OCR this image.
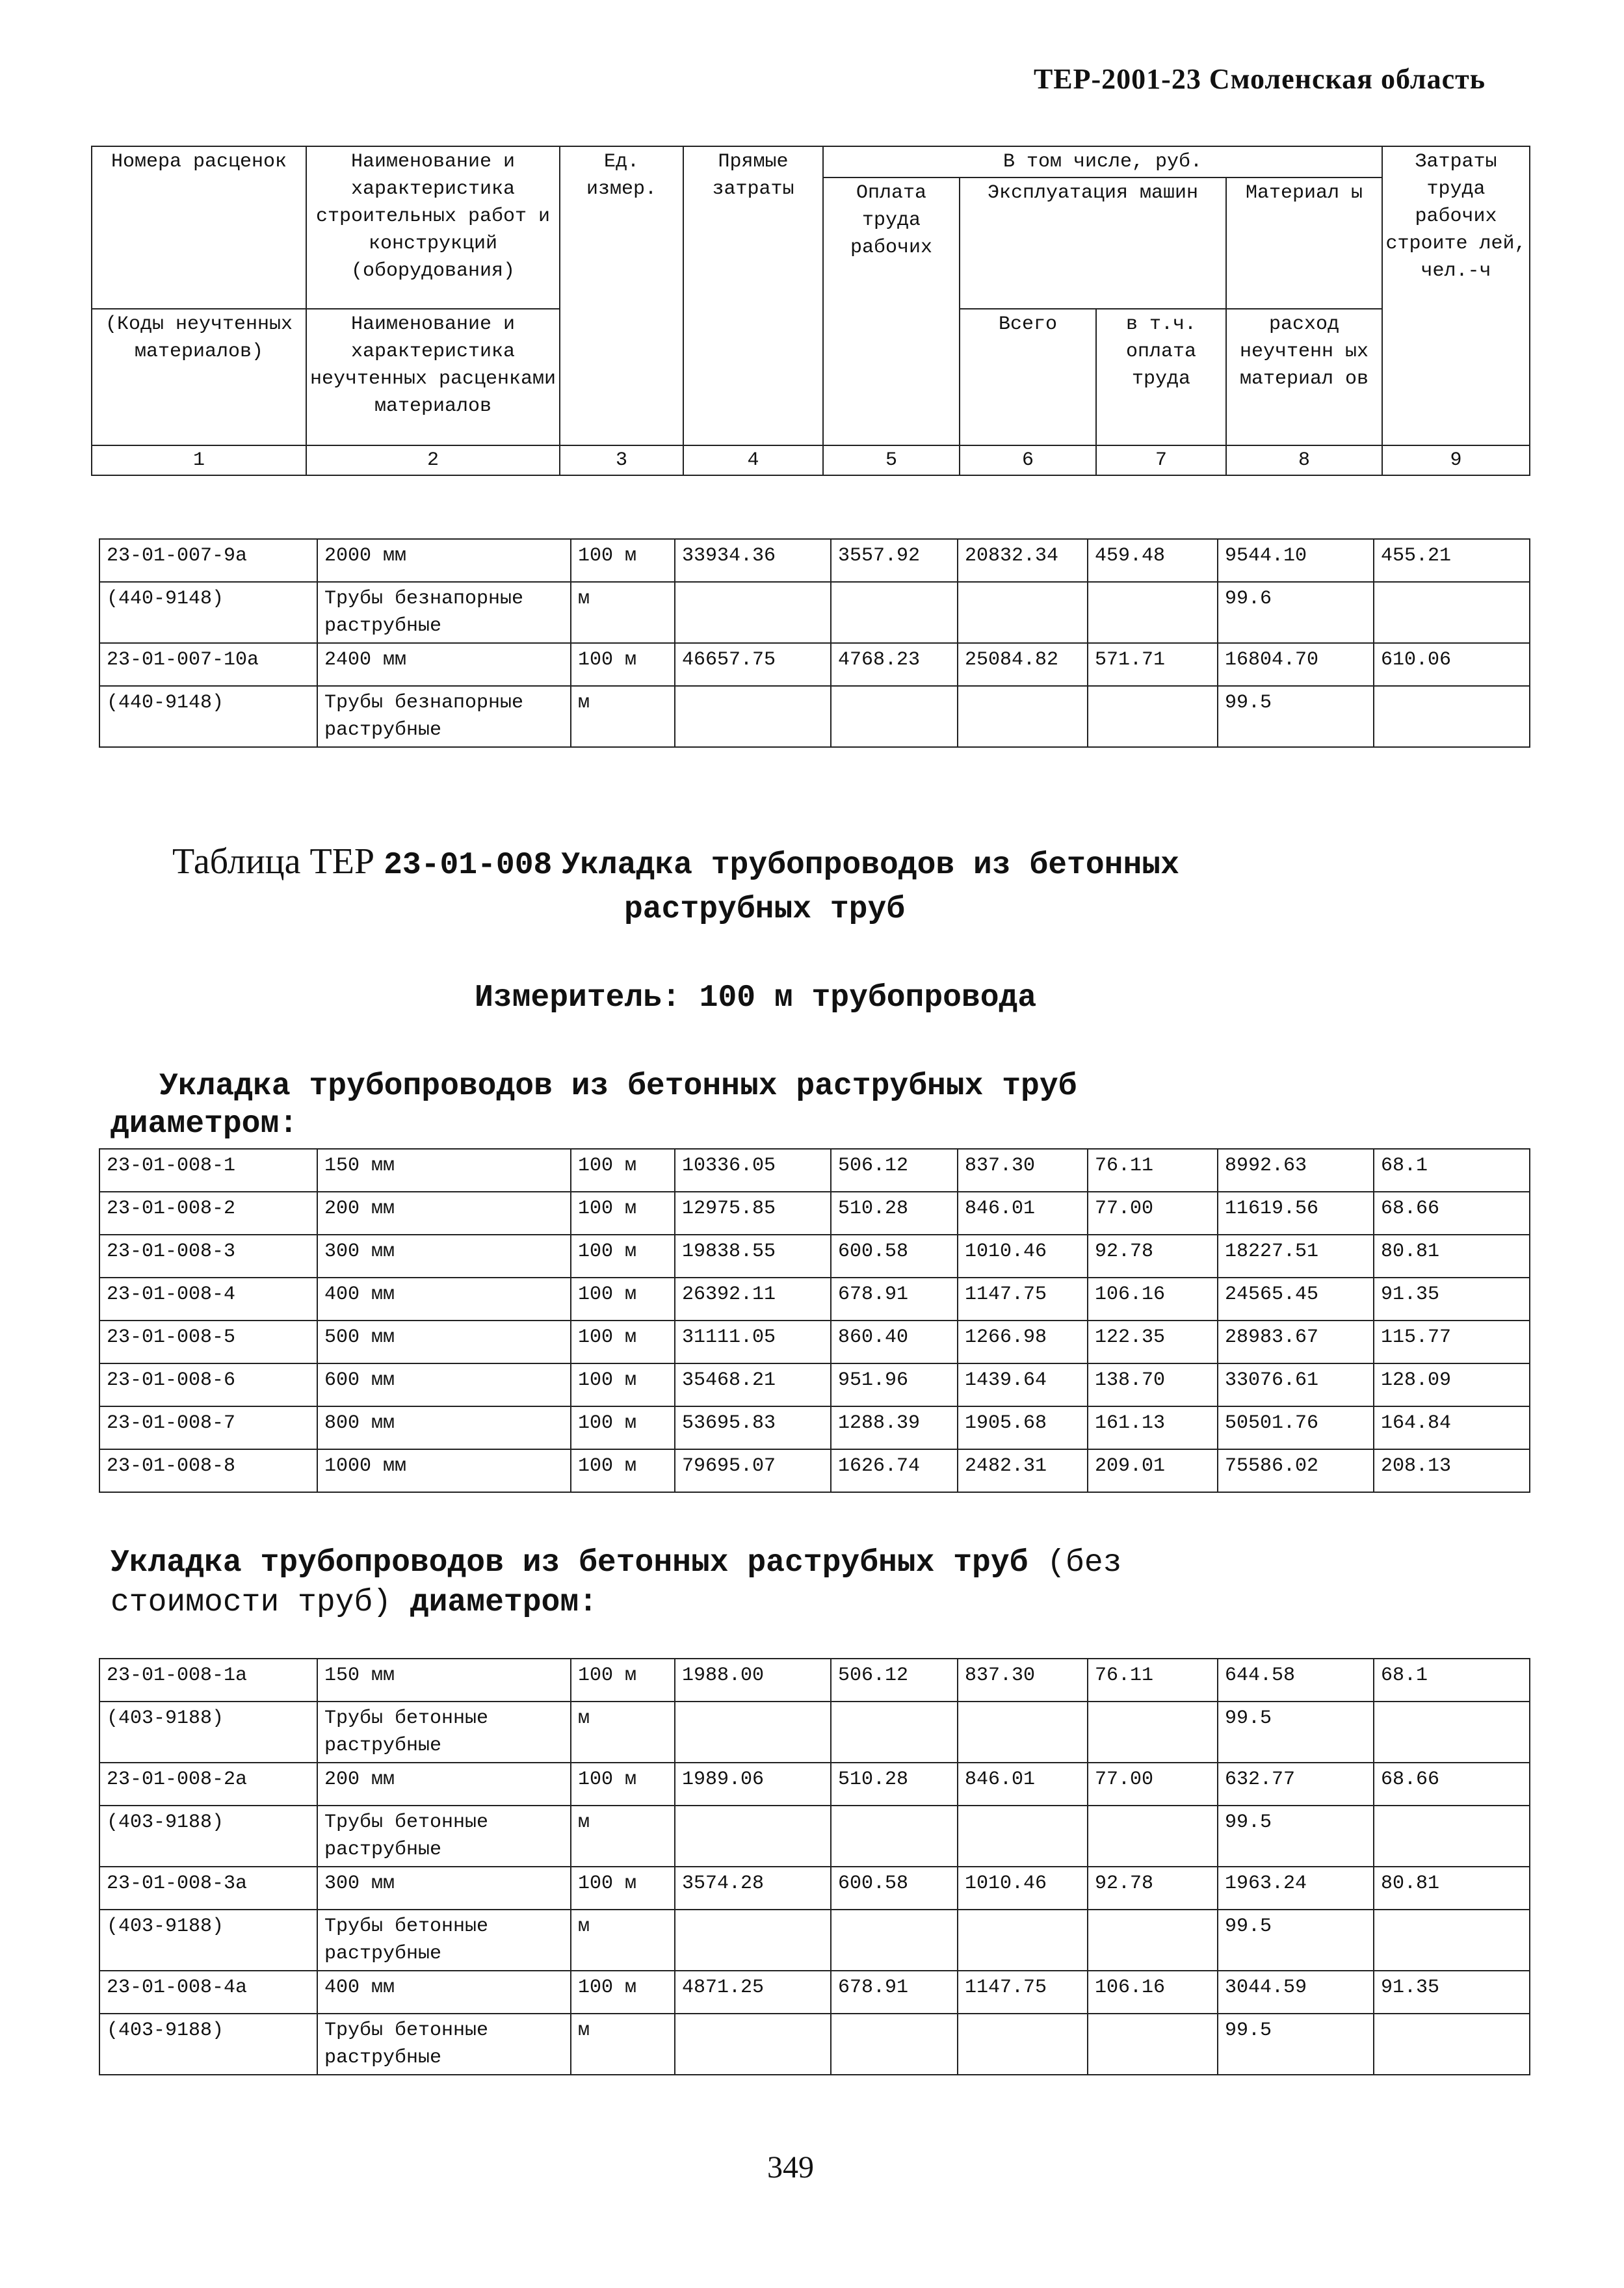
ТЕР-2001-23 Смоленская область
Номера расценок	Наименование и характеристика строительных работ и конструкций (оборудования)	Ед. измер.	Прямые затраты	В том числе, руб.				Затраты труда рабочих строите лей, чел.-ч
				Оплата труда рабочих	Эксплуатация машин		Материал ы	
(Коды неучтенных материалов)	Наименование и характеристика неучтенных расценками материалов				Всего	в т.ч. оплата труда	расход неучтенн ых материал ов	

1	2	3	4	5	6	7	8	9
23-01-007-9а	2000 мм	100 м	33934.36	3557.92	20832.34	459.48	9544.10	455.21
(440-9148)	Трубы безнапорные раструбные	м					99.6	
23-01-007-10а	2400 мм	100 м	46657.75	4768.23	25084.82	571.71	16804.70	610.06
(440-9148)	Трубы безнапорные раструбные	м					99.5	
Таблица ТЕР 23-01-008 Укладка трубопроводов из бетонных
раструбных труб
Измеритель: 100 м трубопровода
Укладка трубопроводов из бетонных раструбных труб
диаметром:
23-01-008-1	150 мм	100 м	10336.05	506.12	837.30	76.11	8992.63	68.1
23-01-008-2	200 мм	100 м	12975.85	510.28	846.01	77.00	11619.56	68.66
23-01-008-3	300 мм	100 м	19838.55	600.58	1010.46	92.78	18227.51	80.81
23-01-008-4	400 мм	100 м	26392.11	678.91	1147.75	106.16	24565.45	91.35
23-01-008-5	500 мм	100 м	31111.05	860.40	1266.98	122.35	28983.67	115.77
23-01-008-6	600 мм	100 м	35468.21	951.96	1439.64	138.70	33076.61	128.09
23-01-008-7	800 мм	100 м	53695.83	1288.39	1905.68	161.13	50501.76	164.84
23-01-008-8	1000 мм	100 м	79695.07	1626.74	2482.31	209.01	75586.02	208.13
Укладка трубопроводов из бетонных раструбных труб (без
стоимости труб) диаметром:
23-01-008-1а	150 мм	100 м	1988.00	506.12	837.30	76.11	644.58	68.1
(403-9188)	Трубы бетонные раструбные	м					99.5	
23-01-008-2а	200 мм	100 м	1989.06	510.28	846.01	77.00	632.77	68.66
(403-9188)	Трубы бетонные раструбные	м					99.5	
23-01-008-3а	300 мм	100 м	3574.28	600.58	1010.46	92.78	1963.24	80.81
(403-9188)	Трубы бетонные раструбные	м					99.5	
23-01-008-4а	400 мм	100 м	4871.25	678.91	1147.75	106.16	3044.59	91.35
(403-9188)	Трубы бетонные раструбные	м					99.5	
349
